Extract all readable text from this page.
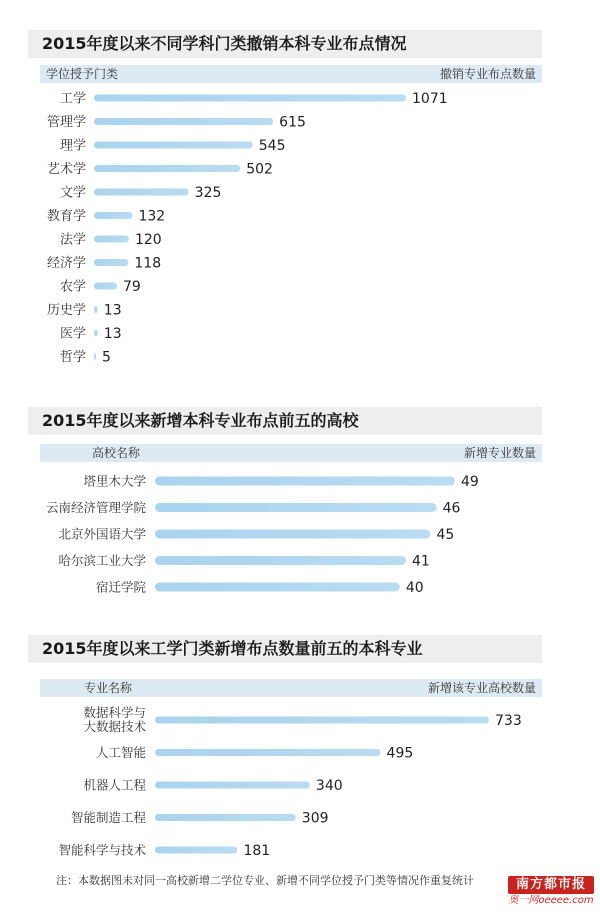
2015年度以来不同学科门类撤销本科专业布点情况
学位授予门类	撤销专业布点数量
工学	1071
管理学	615
理学	545
艺术学	502
文学	325
教育学	132
法学	120
经济学	118
农学	79
历史学 13
医学 13
哲学 5
2015年度以来新增本科专业布点前五的高校
高校名称	新增专业数量
塔里木大学	49
云南经济管理学院	46
北京外国语大学	45
哈尔滨工业大学	41
宿迁学院	40
2015年度以来工学门类新增布点数量前五的本科专业
专业名称	新增该专业高校数量
数据科学与大数据技术	733
人工智能	495
机器人工程	340
智能制造工程	309
智能科学与技术	181
注：本数据图未对同一高校新增二学位专业、新增不同学位授予门类等情况作重复统计	南方都市报
奥一网oeeee.com
